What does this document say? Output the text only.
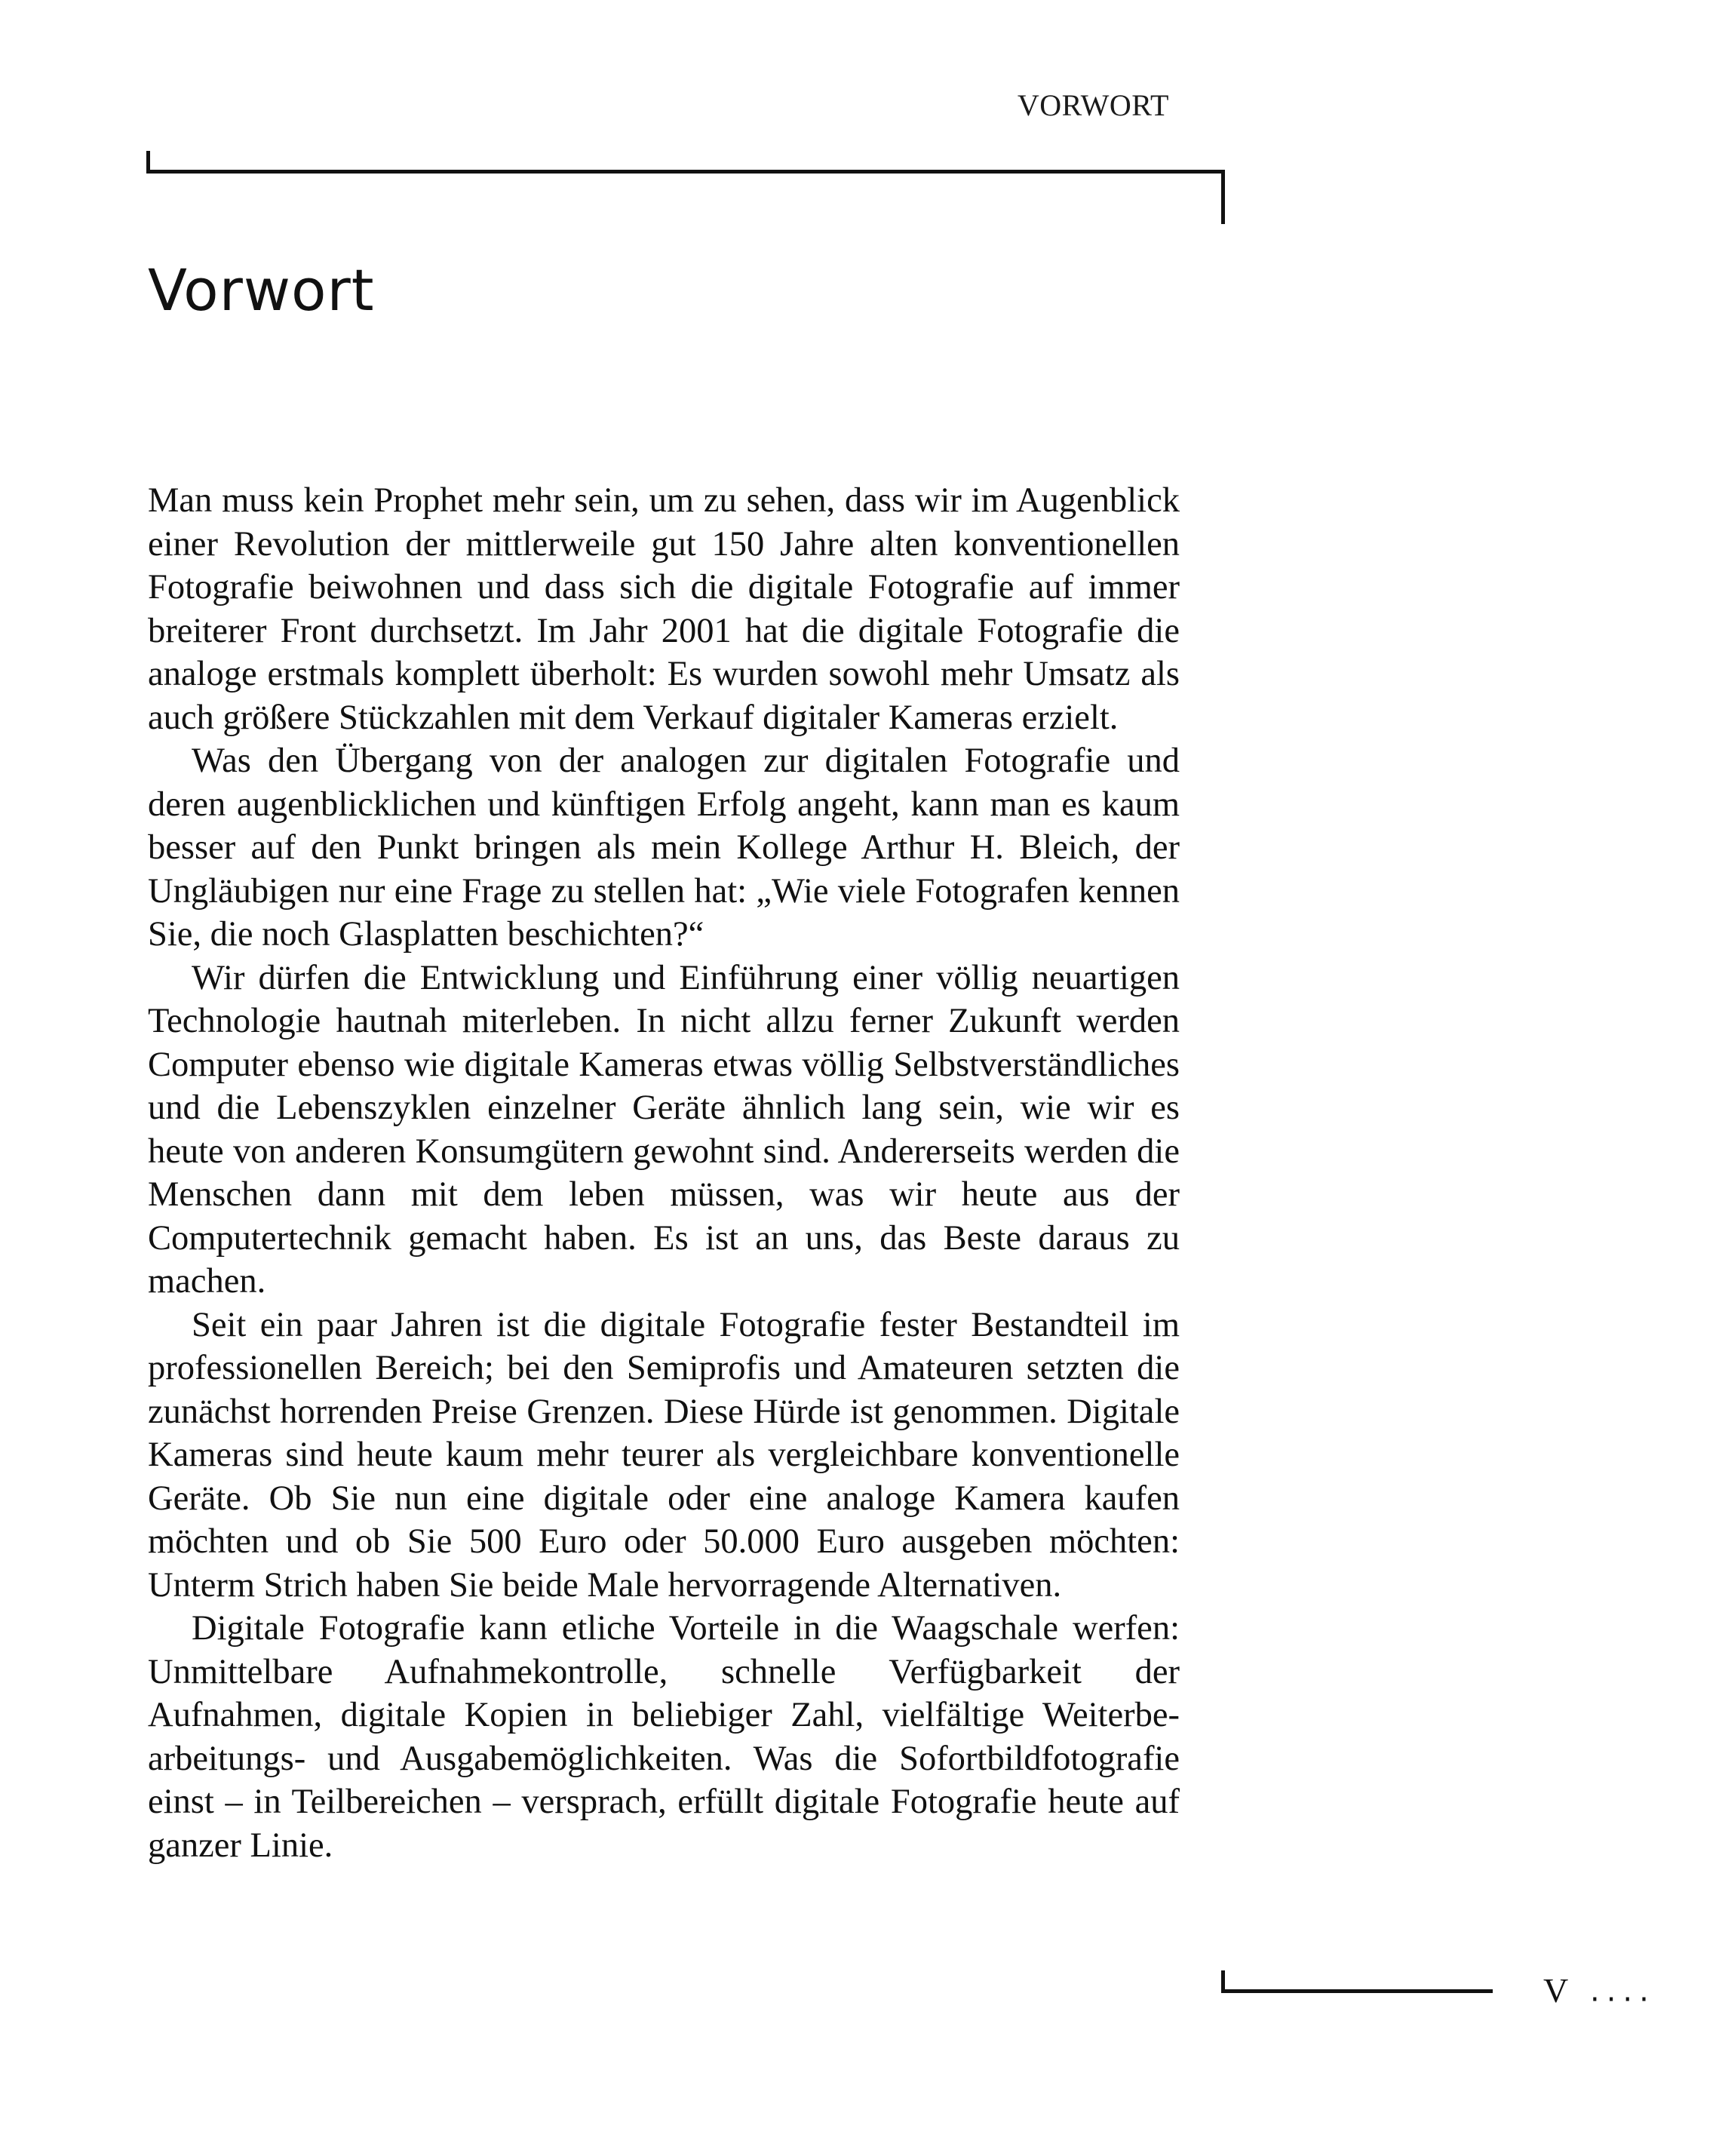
VORWORT
Vorwort

Man muss kein Prophet mehr sein, um zu sehen, dass wir im Augenblick einer Revolution der mittlerweile gut 150 Jahre alten konventionellen Fotografie beiwohnen und dass sich die digitale Fotografie auf immer breiterer Front durchsetzt. Im Jahr 2001 hat die digitale Fotografie die analoge erstmals komplett überholt: Es wurden sowohl mehr Umsatz als auch größere Stückzahlen mit dem Verkauf digitaler Kameras erzielt.

Was den Übergang von der analogen zur digitalen Fotografie und deren augenblicklichen und künftigen Erfolg angeht, kann man es kaum besser auf den Punkt bringen als mein Kollege Arthur H. Bleich, der Ungläubigen nur eine Frage zu stellen hat: „Wie viele Fotografen kennen Sie, die noch Glasplatten beschichten?“

Wir dürfen die Entwicklung und Einführung einer völlig neuartigen Technologie hautnah miterleben. In nicht allzu ferner Zukunft werden Computer ebenso wie digitale Kameras etwas völlig Selbstverständliches und die Lebenszyklen einzelner Geräte ähnlich lang sein, wie wir es heute von anderen Konsumgütern gewohnt sind. Andererseits werden die Menschen dann mit dem leben müssen, was wir heute aus der Computertechnik gemacht haben. Es ist an uns, das Beste daraus zu machen.

Seit ein paar Jahren ist die digitale Fotografie fester Bestandteil im professionellen Bereich; bei den Semiprofis und Amateuren setzten die zunächst horrenden Preise Grenzen. Diese Hürde ist genommen. Digitale Kameras sind heute kaum mehr teurer als vergleichbare konventionelle Geräte. Ob Sie nun eine digitale oder eine analoge Kamera kaufen möchten und ob Sie 500 Euro oder 50.000 Euro ausgeben möchten: Unterm Strich haben Sie beide Male hervorragende Alternativen.

Digitale Fotografie kann etliche Vorteile in die Waagschale werfen: Unmittelbare Aufnahmekontrolle, schnelle Verfügbarkeit der Aufnahmen, digitale Kopien in beliebiger Zahl, vielfältige Weiterbearbeitungs- und Ausgabemöglichkeiten. Was die Sofortbildfotografie einst – in Teilbereichen – versprach, erfüllt digitale Fotografie heute auf ganzer Linie.

V ····
